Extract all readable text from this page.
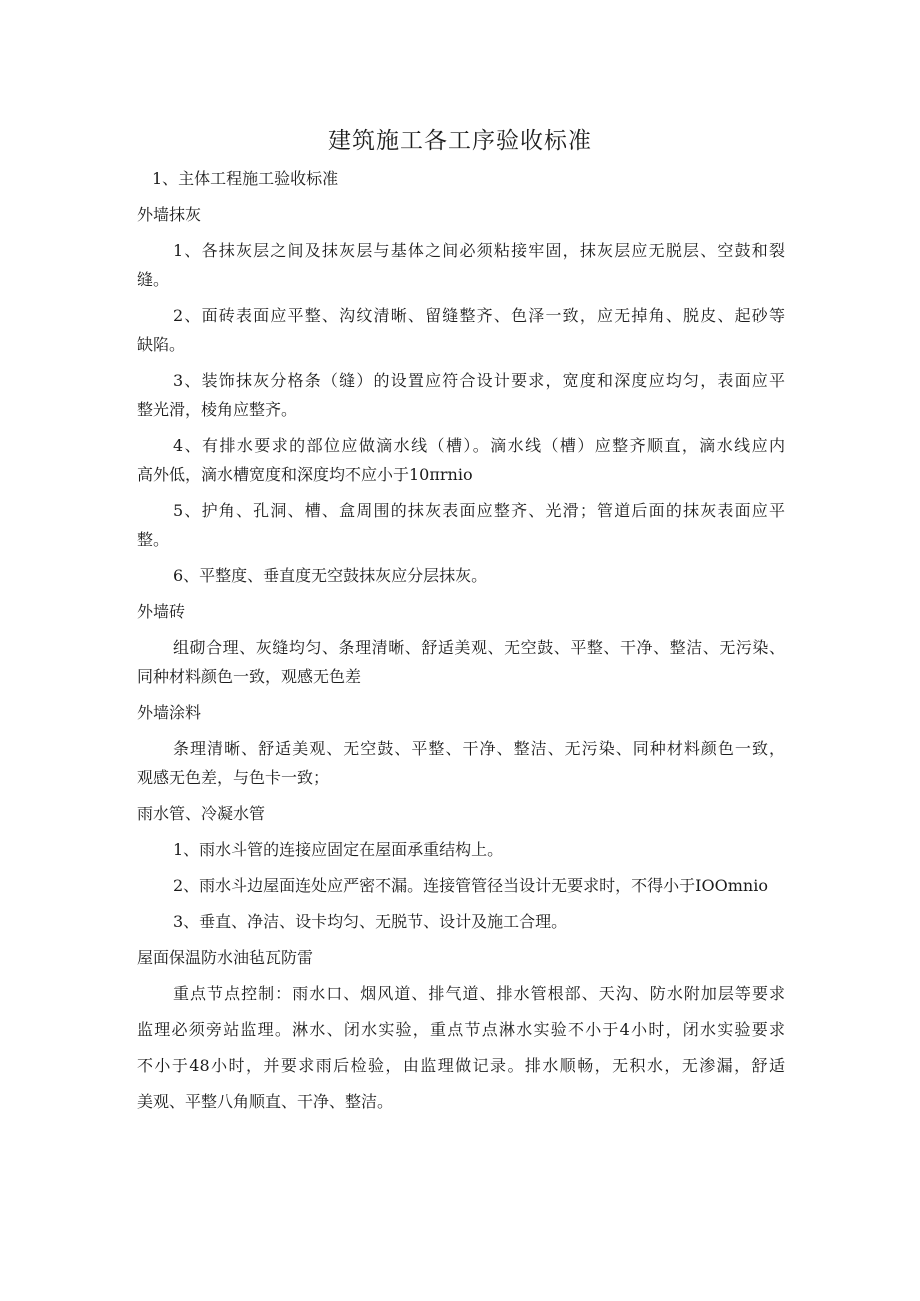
建筑施工各工序验收标准
1、主体工程施工验收标准
外墙抹灰
1、各抹灰层之间及抹灰层与基体之间必须粘接牢固，抹灰层应无脱层、空鼓和裂
缝。
2、面砖表面应平整、沟纹清晰、留缝整齐、色泽一致，应无掉角、脱皮、起砂等
缺陷。
3、装饰抹灰分格条（缝）的设置应符合设计要求，宽度和深度应均匀，表面应平
整光滑，棱角应整齐。
4、有排水要求的部位应做滴水线（槽）。滴水线（槽）应整齐顺直，滴水线应内
高外低，滴水槽宽度和深度均不应小于10πrnio
5、护角、孔洞、槽、盒周围的抹灰表面应整齐、光滑；管道后面的抹灰表面应平
整。
6、平整度、垂直度无空鼓抹灰应分层抹灰。
外墙砖
组砌合理、灰缝均匀、条理清晰、舒适美观、无空鼓、平整、干净、整洁、无污染、
同种材料颜色一致，观感无色差
外墙涂料
条理清晰、舒适美观、无空鼓、平整、干净、整洁、无污染、同种材料颜色一致，
观感无色差，与色卡一致；
雨水管、冷凝水管
1、雨水斗管的连接应固定在屋面承重结构上。
2、雨水斗边屋面连处应严密不漏。连接管管径当设计无要求时，不得小于IOOmnio
3、垂直、净洁、设卡均匀、无脱节、设计及施工合理。
屋面保温防水油毡瓦防雷
重点节点控制：雨水口、烟风道、排气道、排水管根部、天沟、防水附加层等要求
监理必须旁站监理。淋水、闭水实验，重点节点淋水实验不小于4小时，闭水实验要求
不小于48小时，并要求雨后检验，由监理做记录。排水顺畅，无积水，无渗漏，舒适
美观、平整八角顺直、干净、整洁。
